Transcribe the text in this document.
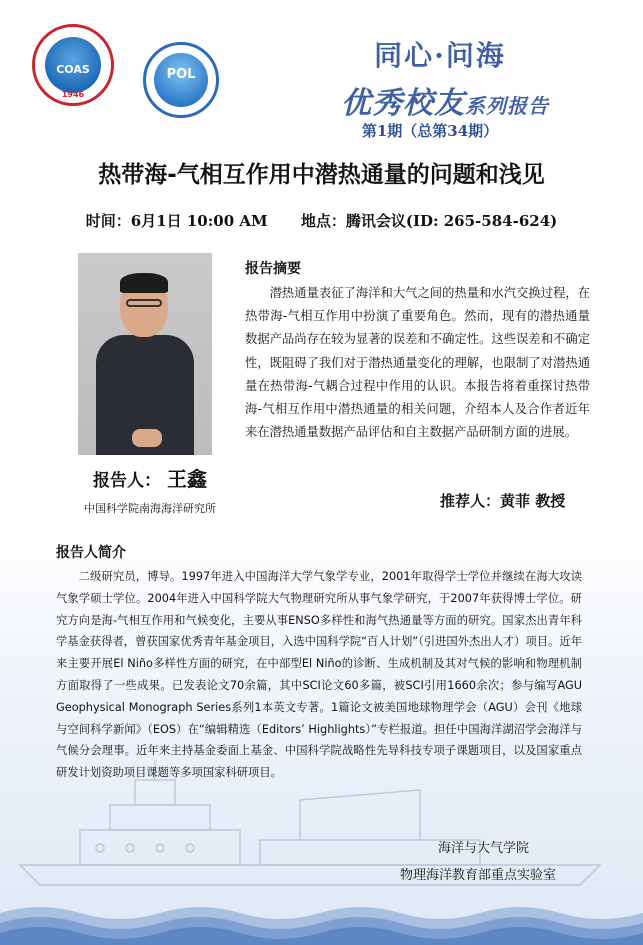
COAS
1946
POL
同心·问海
优秀校友系列报告
第1期（总第34期）
热带海-气相互作用中潜热通量的问题和浅见
时间：6月1日 10:00 AM 地点：腾讯会议(ID: 265-584-624)
报告人： 王鑫
中国科学院南海海洋研究所
报告摘要
潜热通量表征了海洋和大气之间的热量和水汽交换过程，在热带海-气相互作用中扮演了重要角色。然而，现有的潜热通量数据产品尚存在较为显著的误差和不确定性。这些误差和不确定性，既阻碍了我们对于潜热通量变化的理解，也限制了对潜热通量在热带海-气耦合过程中作用的认识。本报告将着重探讨热带海-气相互作用中潜热通量的相关问题，介绍本人及合作者近年来在潜热通量数据产品评估和自主数据产品研制方面的进展。
推荐人：黄菲 教授
报告人简介
二级研究员，博导。1997年进入中国海洋大学气象学专业，2001年取得学士学位并继续在海大攻读气象学硕士学位。2004年进入中国科学院大气物理研究所从事气象学研究，于2007年获得博士学位。研究方向是海-气相互作用和气候变化，主要从事ENSO多样性和海气热通量等方面的研究。国家杰出青年科学基金获得者，曾获国家优秀青年基金项目，入选中国科学院“百人计划”（引进国外杰出人才）项目。近年来主要开展El Niño多样性方面的研究，在中部型El Niño的诊断、生成机制及其对气候的影响和物理机制方面取得了一些成果。已发表论文70余篇，其中SCI论文60多篇，被SCI引用1660余次；参与编写AGU Geophysical Monograph Series系列1本英文专著。1篇论文被美国地球物理学会（AGU）会刊《地球与空间科学新闻》（EOS）在“编辑精选（Editors’ Highlights）”专栏报道。担任中国海洋湖沼学会海洋与气候分会理事。近年来主持基金委面上基金、中国科学院战略性先导科技专项子课题项目，以及国家重点研发计划资助项目课题等多项国家科研项目。
海洋与大气学院
物理海洋教育部重点实验室
